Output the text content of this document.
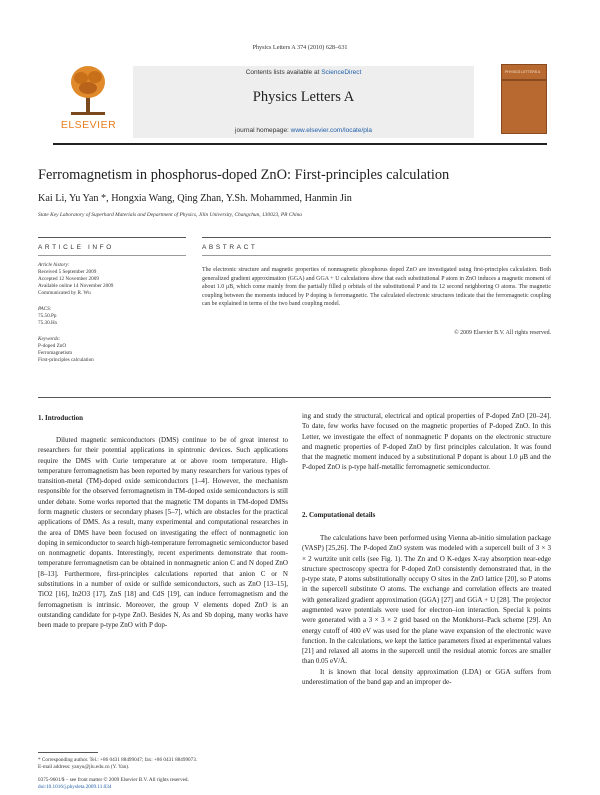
Physics Letters A 374 (2010) 628–631
ELSEVIER
Contents lists available at ScienceDirect
Physics Letters A
journal homepage: www.elsevier.com/locate/pla
PHYSICS LETTERS A
Ferromagnetism in phosphorus-doped ZnO: First-principles calculation
Kai Li, Yu Yan *, Hongxia Wang, Qing Zhan, Y.Sh. Mohammed, Hanmin Jin
State Key Laboratory of Superhard Materials and Department of Physics, Jilin University, Changchun, 130023, PR China
ARTICLE INFO	ABSTRACT
Article history:
Received 5 September 2009
Accepted 12 November 2009
Available online 14 November 2009
Communicated by R. Wu
PACS:
75.50.Pp
75.30.Hx
Keywords:
P-doped ZnO
Ferromagnetism
First-principles calculation
The electronic structure and magnetic properties of nonmagnetic phosphorus doped ZnO are investigated using first-principles calculation. Both generalized gradient approximation (GGA) and GGA + U calculations show that each substitutional P atom in ZnO induces a magnetic moment of about 1.0 μB, which come mainly from the partially filled p orbitals of the substitutional P and its 12 second neighboring O atoms. The magnetic coupling between the moments induced by P doping is ferromagnetic. The calculated electronic structures indicate that the ferromagnetic coupling can be explained in terms of the two band coupling model.
© 2009 Elsevier B.V. All rights reserved.
1. Introduction

Diluted magnetic semiconductors (DMS) continue to be of great interest to researchers for their potential applications in spintronic devices. Such applications require the DMS with Curie temperature at or above room temperature. High-temperature ferromagnetism has been reported by many researchers for various types of transition-metal (TM)-doped oxide semiconductors [1–4]. However, the mechanism responsible for the observed ferromagnetism in TM-doped oxide semiconductors is still under debate. Some works reported that the magnetic TM dopants in TM-doped DMSs form magnetic clusters or secondary phases [5–7], which are obstacles for the practical applications of DMS. As a result, many experimental and computational researches in the area of DMS have been focused on investigating the effect of nonmagnetic ion doping in semiconductor to search high-temperature ferromagnetic semiconductor based on nonmagnetic dopants. Interestingly, recent experiments demonstrate that room-temperature ferromagnetism can be obtained in nonmagnetic anion C and N doped ZnO [8–13]. Furthermore, first-principles calculations reported that anion C or N substitutions in a number of oxide or sulfide semiconductors, such as ZnO [13–15], TiO2 [16], In2O3 [17], ZnS [18] and CdS [19], can induce ferromagnetism and the ferromagnetism is intrinsic. Moreover, the group V elements doped ZnO is an outstanding candidate for p-type ZnO. Besides N, As and Sb doping, many works have been made to prepare p-type ZnO with P dop-

ing and study the structural, electrical and optical properties of P-doped ZnO [20–24]. To date, few works have focused on the magnetic properties of P-doped ZnO. In this Letter, we investigate the effect of nonmagnetic P dopants on the electronic structure and magnetic properties of P-doped ZnO by first principles calculation. It was found that the magnetic moment induced by a substitutional P dopant is about 1.0 μB and the P-doped ZnO is p-type half-metallic ferromagnetic semiconductor.

2. Computational details

The calculations have been performed using Vienna ab-initio simulation package (VASP) [25,26]. The P-doped ZnO system was modeled with a supercell built of 3 × 3 × 2 wurtzite unit cells (see Fig. 1). The Zn and O K-edges X-ray absorption near-edge structure spectroscopy spectra for P-doped ZnO consistently demonstrated that, in the p-type state, P atoms substitutionally occupy O sites in the ZnO lattice [20], so P atoms in the supercell substitute O atoms. The exchange and correlation effects are treated with generalized gradient approximation (GGA) [27] and GGA + U [28]. The projector augmented wave potentials were used for electron–ion interaction. Special k points were generated with a 3 × 3 × 2 grid based on the Monkhorst–Pack scheme [29]. An energy cutoff of 400 eV was used for the plane wave expansion of the electronic wave function. In the calculations, we kept the lattice parameters fixed at experimental values [21] and relaxed all atoms in the supercell until the residual atomic forces are smaller than 0.05 eV/Å.

It is known that local density approximation (LDA) or GGA suffers from underestimation of the band gap and an improper de-

* Corresponding author. Tel.: +86 0431 88499047; fax: +86 0431 88499073.
E-mail address: yanyu@jlu.edu.cn (Y. Yan).
0375-9601/$ – see front matter © 2009 Elsevier B.V. All rights reserved.
doi:10.1016/j.physleta.2009.11.034
